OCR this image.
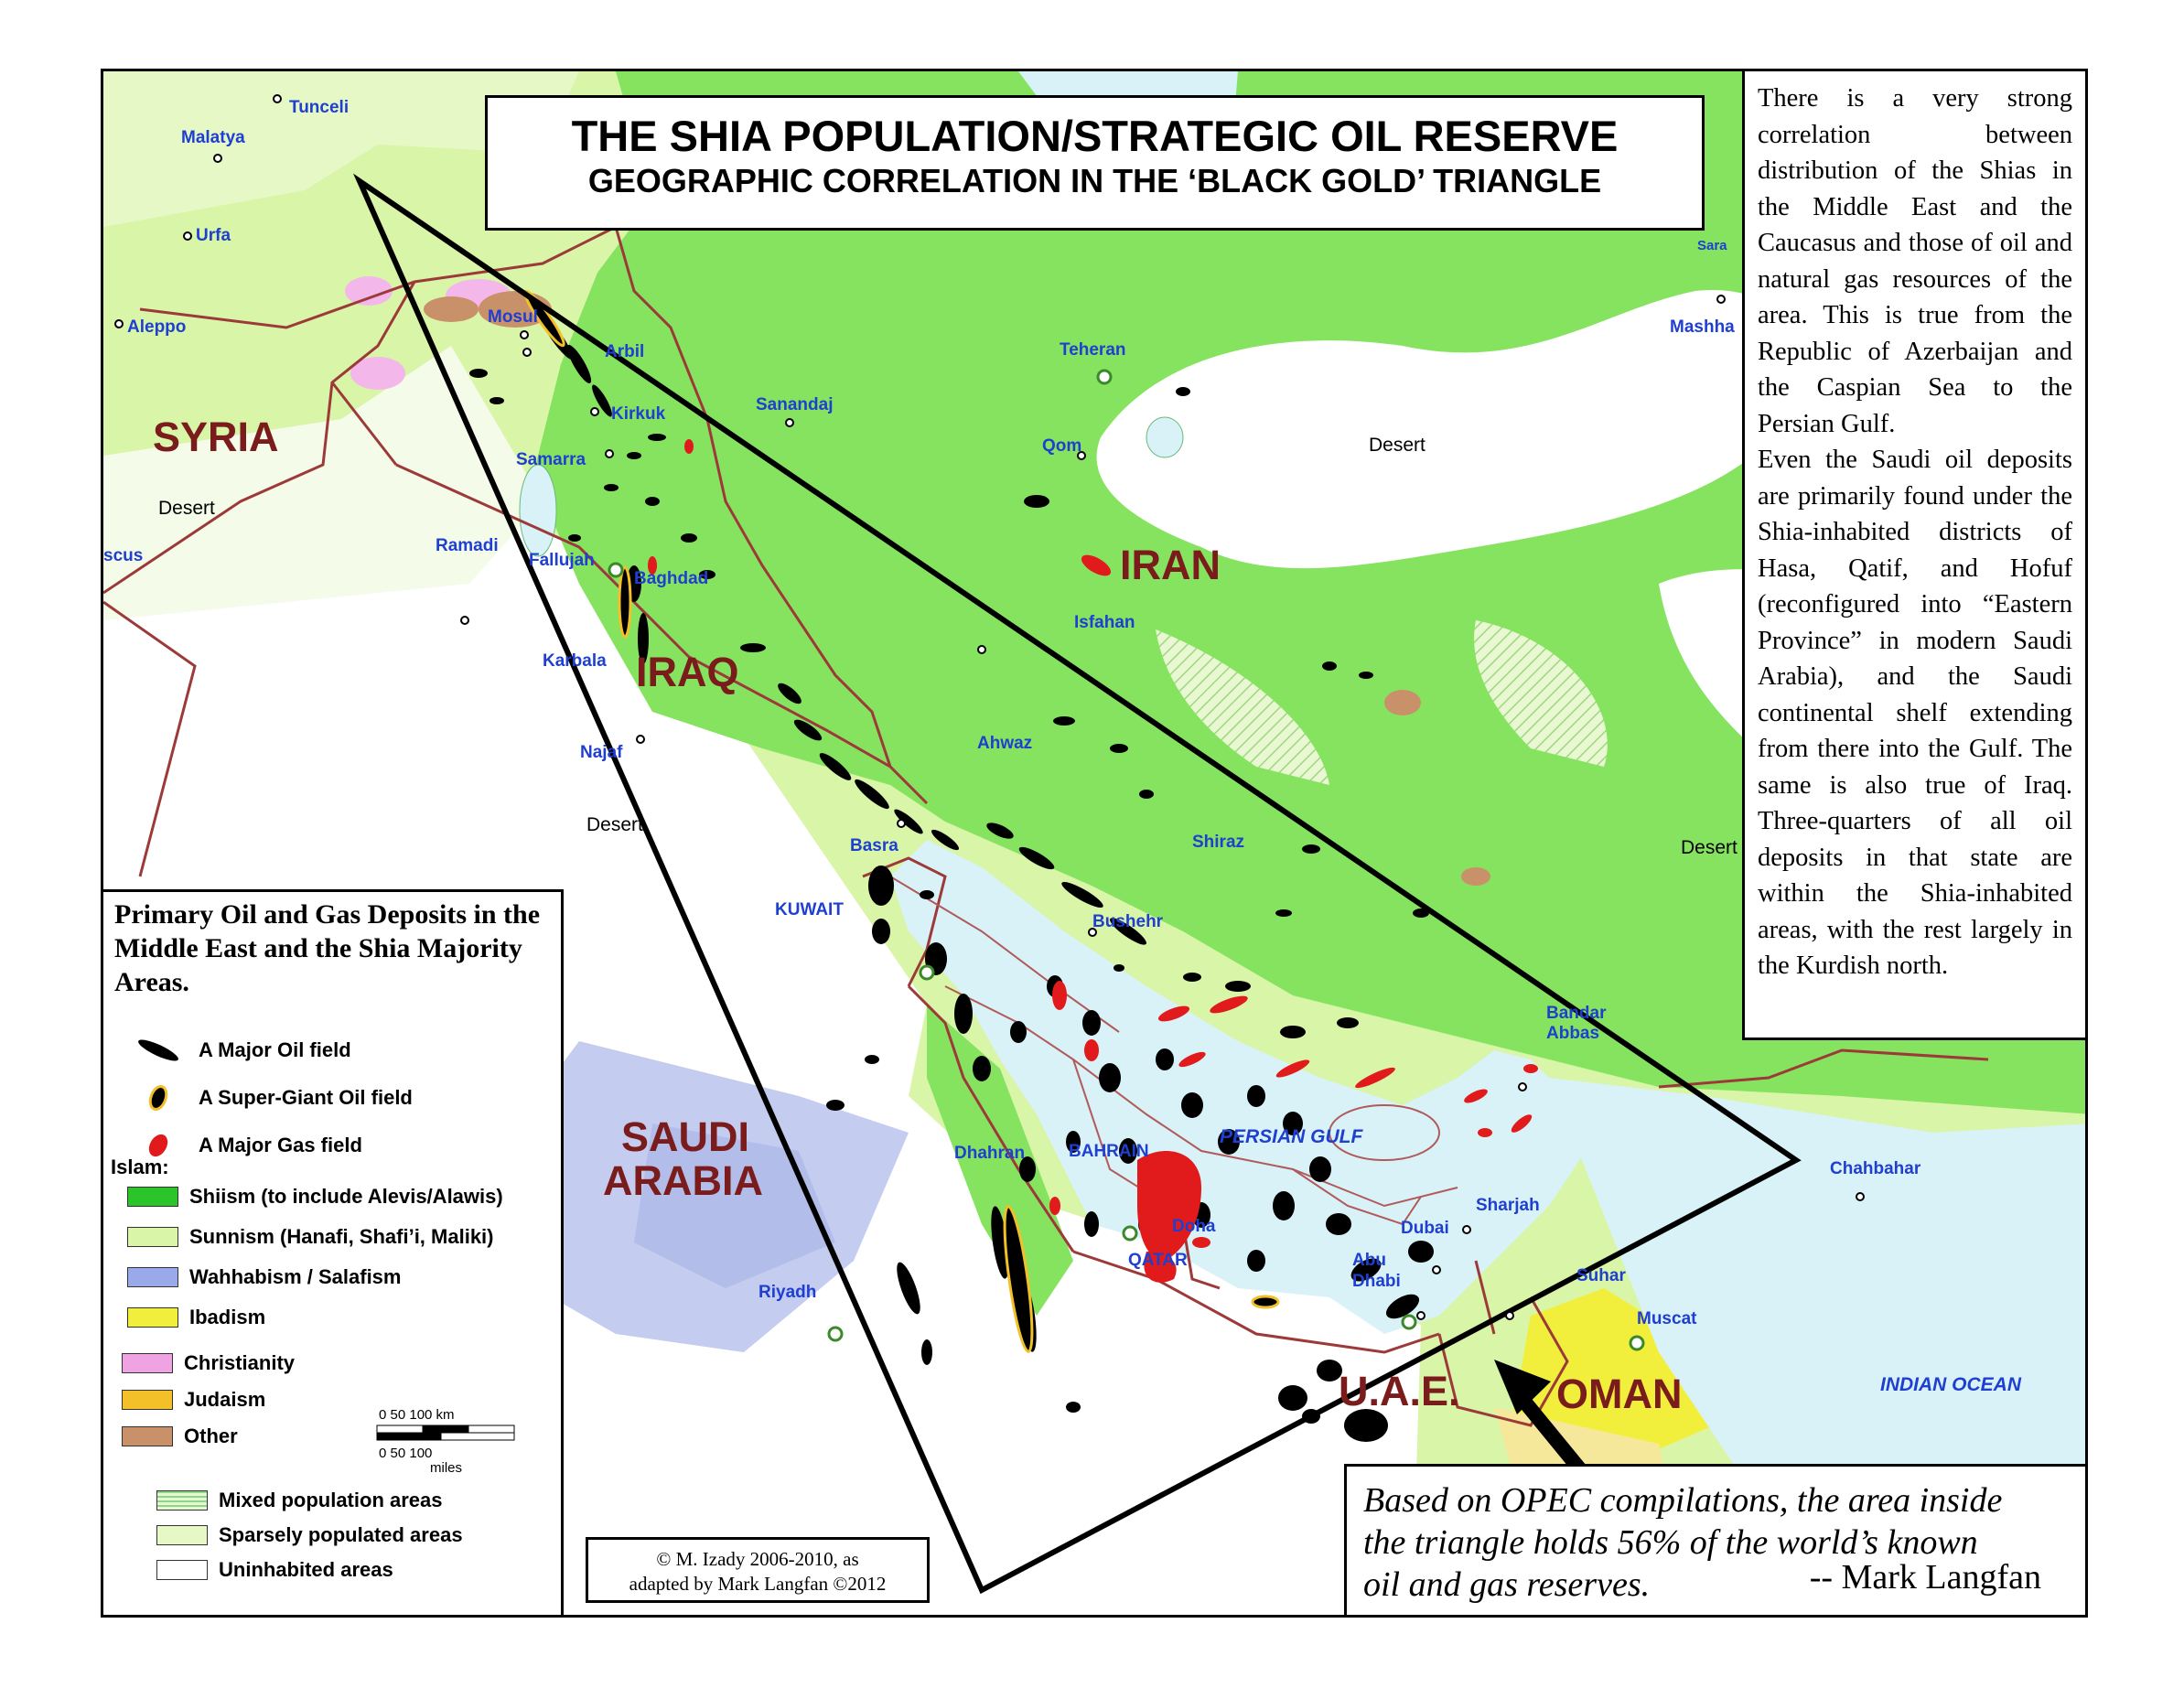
SYRIA
IRAQ
IRAN
SAUDI
ARABIA
U.A.E. OMAN
KUWAIT
BAHRAIN
QATAR
PERSIAN GULF
INDIAN OCEAN
Tunceli
Malatya
Urfa
Aleppo
Mosul
Arbil
Kirkuk	Sanandaj
Teheran
Mashha
Sara
Samarra
Qom
Ramadi
Fallujah
Baghdad
scus
Isfahan
Karbala
Najaf	Ahwaz
Basra	Shiraz
Bushehr
Bandar
Abbas
Chahbahar
Dhahran
Doha
Sharjah
Dubai
Abu
Dhabi	Suhar
Muscat
Riyadh
Desert
Desert
Desert
Desert
THE SHIA POPULATION/STRATEGIC OIL RESERVE
GEOGRAPHIC CORRELATION IN THE ‘BLACK GOLD’ TRIANGLE

There is a very strong correlation between distribution of the Shias in the Middle East and the Caucasus and those of oil and natural gas resources of the area. This is true from the Republic of Azerbaijan and the Caspian Sea to the Persian Gulf.

Even the Saudi oil deposits are primarily found under the Shia-inhabited districts of Hasa, Qatif, and Hofuf (reconfigured into “Eastern Province” in modern Saudi Arabia), and the Saudi continental shelf extending from there into the Gulf. The same is also true of Iraq. Three-quarters of all oil deposits in that state are within the Shia-inhabited areas, with the rest largely in the Kurdish north.

Primary Oil and Gas Deposits in the Middle East and the Shia Majority Areas.
A Major Oil field
A Super-Giant Oil field
A Major Gas field
Islam:
Shiism (to include Alevis/Alawis)
Sunnism (Hanafi, Shafi’i, Maliki)
Wahhabism / Salafism
Ibadism
Christianity
Judaism
Other
Mixed population areas
Sparsely populated areas
Uninhabited areas
0 50 100 km
0 50 100
miles
© M. Izady 2006-2010, as
adapted by Mark Langfan ©2012
Based on OPEC compilations, the area inside
the triangle holds 56% of the world’s known
oil and gas reserves.	-- Mark Langfan
